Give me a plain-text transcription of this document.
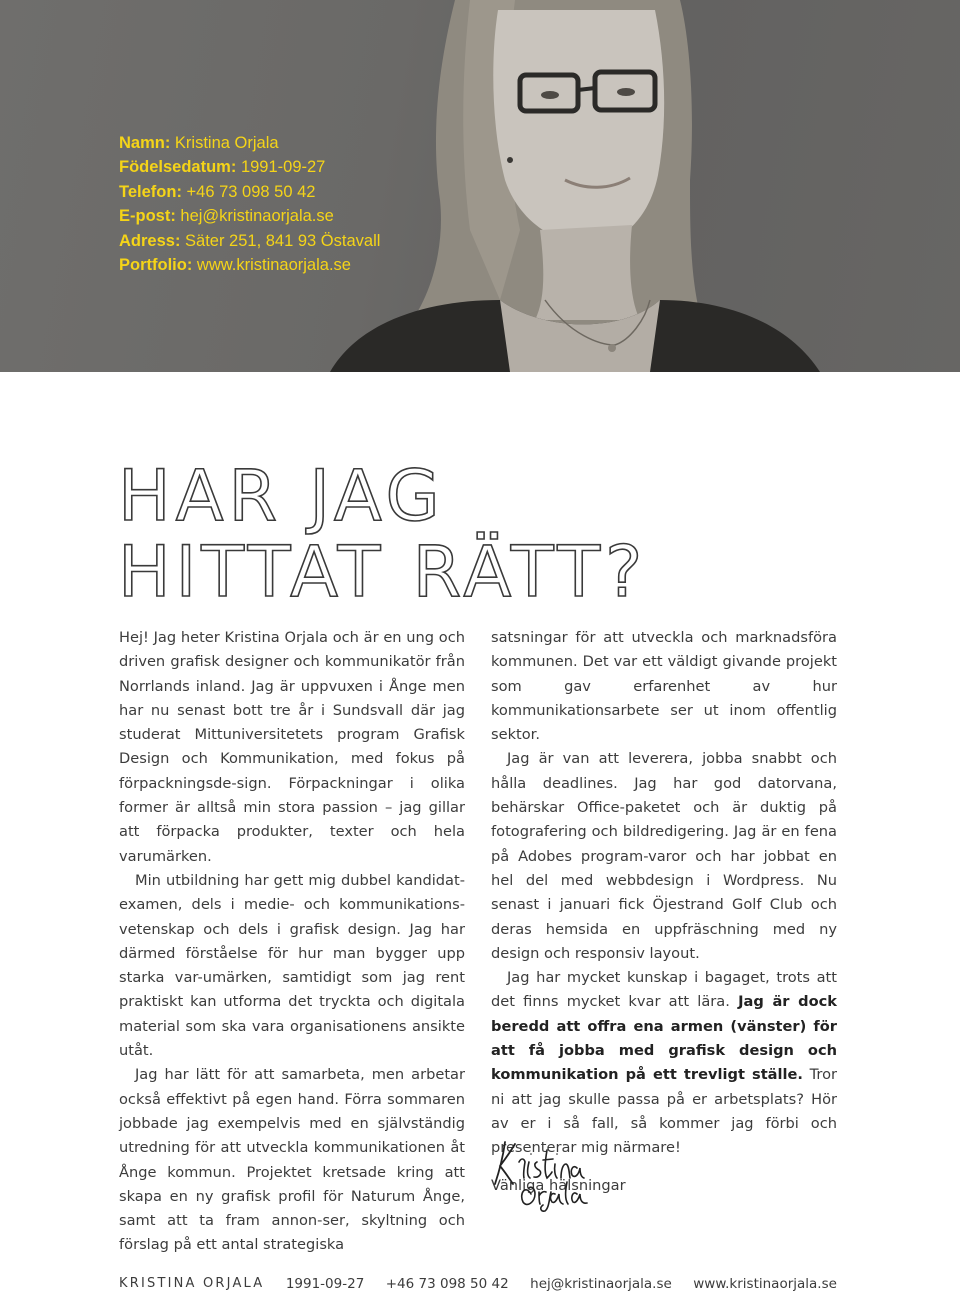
Namn: Kristina Orjala
Födelsedatum: 1991-09-27
Telefon: +46 73 098 50 42
E-post: hej@kristinaorjala.se
Adress: Säter 251, 841 93 Östavall
Portfolio: www.kristinaorjala.se
HAR JAG
HITTAT RÄTT?

Hej! Jag heter Kristina Orjala och är en ung och driven grafisk designer och kommunikatör från Norrlands inland. Jag är uppvuxen i Ånge men har nu senast bott tre år i Sundsvall där jag studerat Mittuniversitetets program Grafisk Design och Kommunikation, med fokus på förpackningsde-sign. Förpackningar i olika former är alltså min stora passion – jag gillar att förpacka produkter, texter och hela varumärken.

Min utbildning har gett mig dubbel kandidat-examen, dels i medie- och kommunikations-vetenskap och dels i grafisk design. Jag har därmed förståelse för hur man bygger upp starka var-umärken, samtidigt som jag rent praktiskt kan utforma det tryckta och digitala material som ska vara organisationens ansikte utåt.

Jag har lätt för att samarbeta, men arbetar också effektivt på egen hand. Förra sommaren jobbade jag exempelvis med en självständig utredning för att utveckla kommunikationen åt Ånge kommun. Projektet kretsade kring att skapa en ny grafisk profil för Naturum Ånge, samt att ta fram annon-ser, skyltning och förslag på ett antal strategiska

satsningar för att utveckla och marknadsföra kommunen. Det var ett väldigt givande projekt som gav erfarenhet av hur kommunikationsarbete ser ut inom offentlig sektor.

Jag är van att leverera, jobba snabbt och hålla deadlines. Jag har god datorvana, behärskar Office-paketet och är duktig på fotografering och bildredigering. Jag är en fena på Adobes program-varor och har jobbat en hel del med webbdesign i Wordpress. Nu senast i januari fick Öjestrand Golf Club och deras hemsida en uppfräschning med ny design och responsiv layout.

Jag har mycket kunskap i bagaget, trots att det finns mycket kvar att lära. Jag är dock beredd att offra ena armen (vänster) för att få jobba med grafisk design och kommunikation på ett trevligt ställe. Tror ni att jag skulle passa på er arbetsplats? Hör av er i så fall, så kommer jag förbi och presenterar mig närmare!

Vänliga hälsningar

KRISTINA ORJALA 1991-09-27 +46 73 098 50 42 hej@kristinaorjala.se www.kristinaorjala.se
